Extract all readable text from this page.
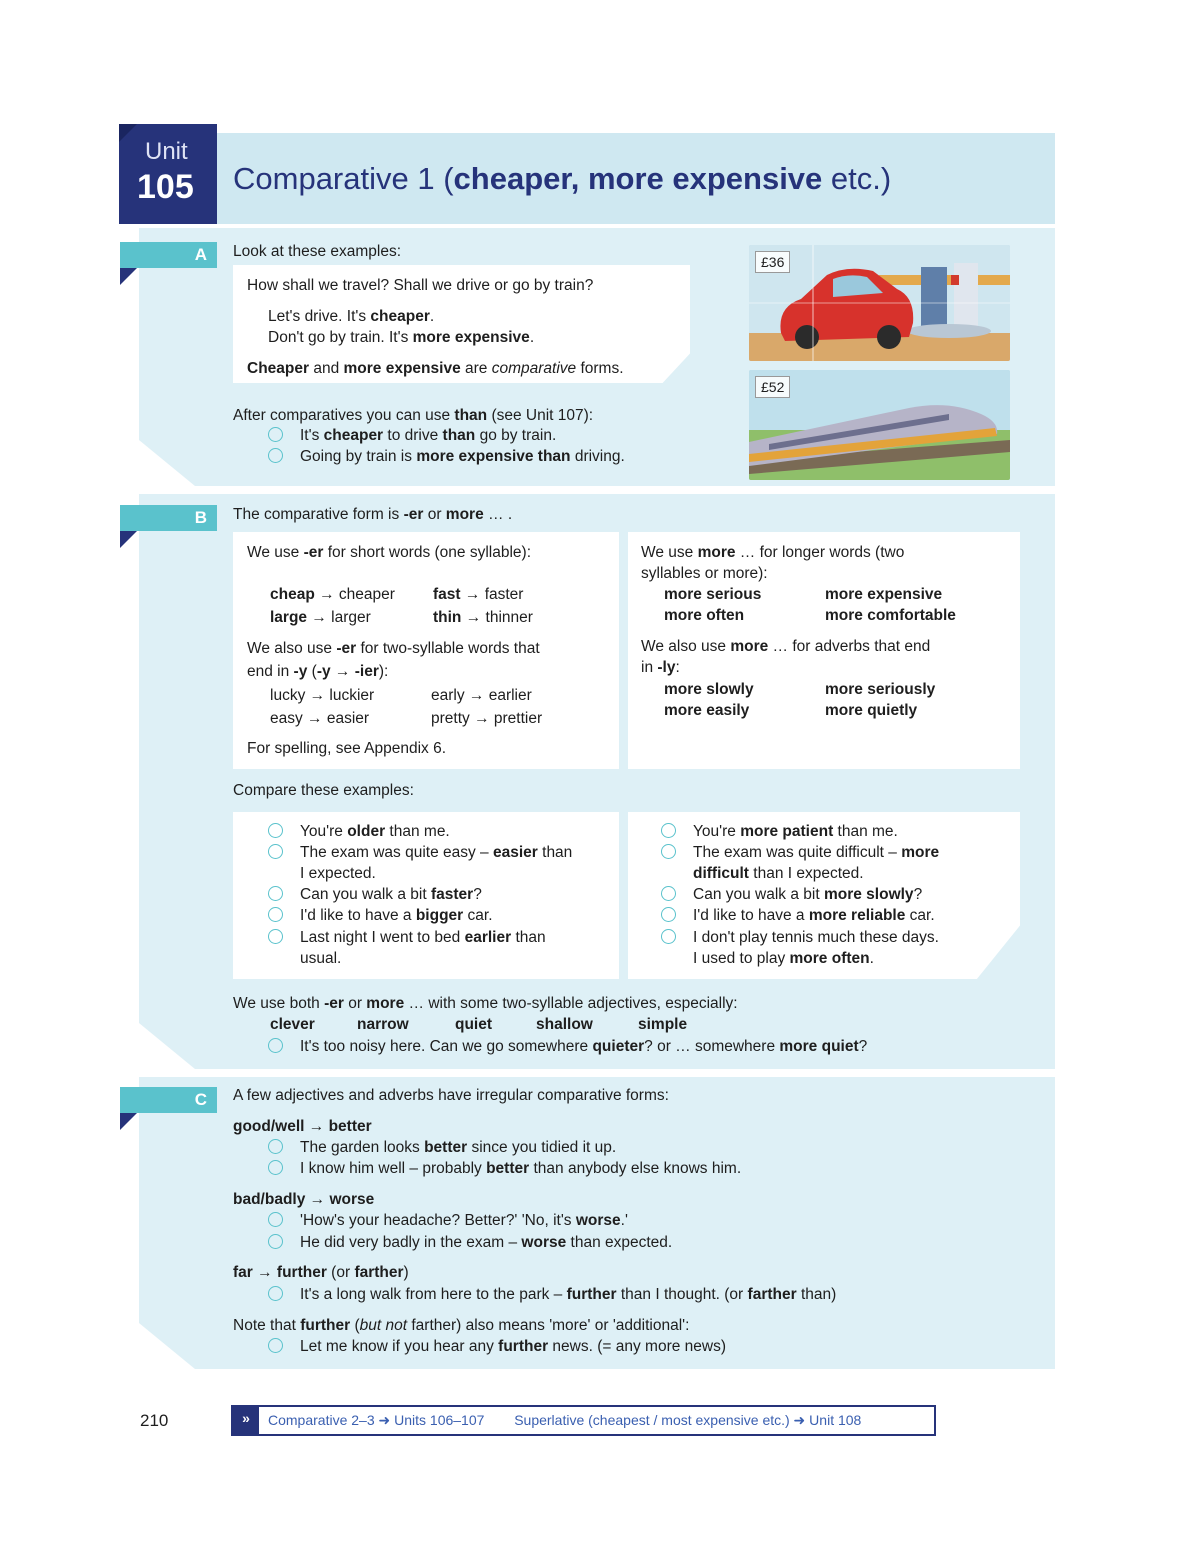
Unit
105 Comparative 1 (cheaper, more expensive etc.)
A Look at these examples:
How shall we travel? Shall we drive or go by train?
Let's drive. It's cheaper.
Don't go by train. It's more expensive.
Cheaper and more expensive are comparative forms.
After comparatives you can use than (see Unit 107):
It's cheaper to drive than go by train.
Going by train is more expensive than driving.
£36
£52
B The comparative form is -er or more … .
We use -er for short words (one syllable):
cheap → cheaper fast → faster
large → larger	thin → thinner
We also use -er for two-syllable words that
end in -y (-y → -ier):
lucky → luckier	early → earlier
easy → easier	pretty → prettier
For spelling, see Appendix 6.
We use more … for longer words (two
syllables or more):
more serious	more expensive
more often	more comfortable
We also use more … for adverbs that end
in -ly:
more slowly	more seriously
more easily	more quietly
Compare these examples:
You're older than me.
The exam was quite easy – easier than
I expected.
Can you walk a bit faster?
I'd like to have a bigger car.
Last night I went to bed earlier than
usual.
You're more patient than me.
The exam was quite difficult – more
difficult than I expected.
Can you walk a bit more slowly?
I'd like to have a more reliable car.
I don't play tennis much these days.
I used to play more often.
We use both -er or more … with some two-syllable adjectives, especially:
clever	narrow	quiet	shallow	simple
It's too noisy here. Can we go somewhere quieter? or … somewhere more quiet?
C A few adjectives and adverbs have irregular comparative forms:
good/well → better
The garden looks better since you tidied it up.
I know him well – probably better than anybody else knows him.
bad/badly → worse
'How's your headache? Better?' 'No, it's worse.'
He did very badly in the exam – worse than expected.
far → further (or farther)
It's a long walk from here to the park – further than I thought. (or farther than)
Note that further (but not farther) also means 'more' or 'additional':
Let me know if you hear any further news. (= any more news)
210	»	Comparative 2–3 ➜ Units 106–107 Superlative (cheapest / most expensive etc.) ➜ Unit 108
